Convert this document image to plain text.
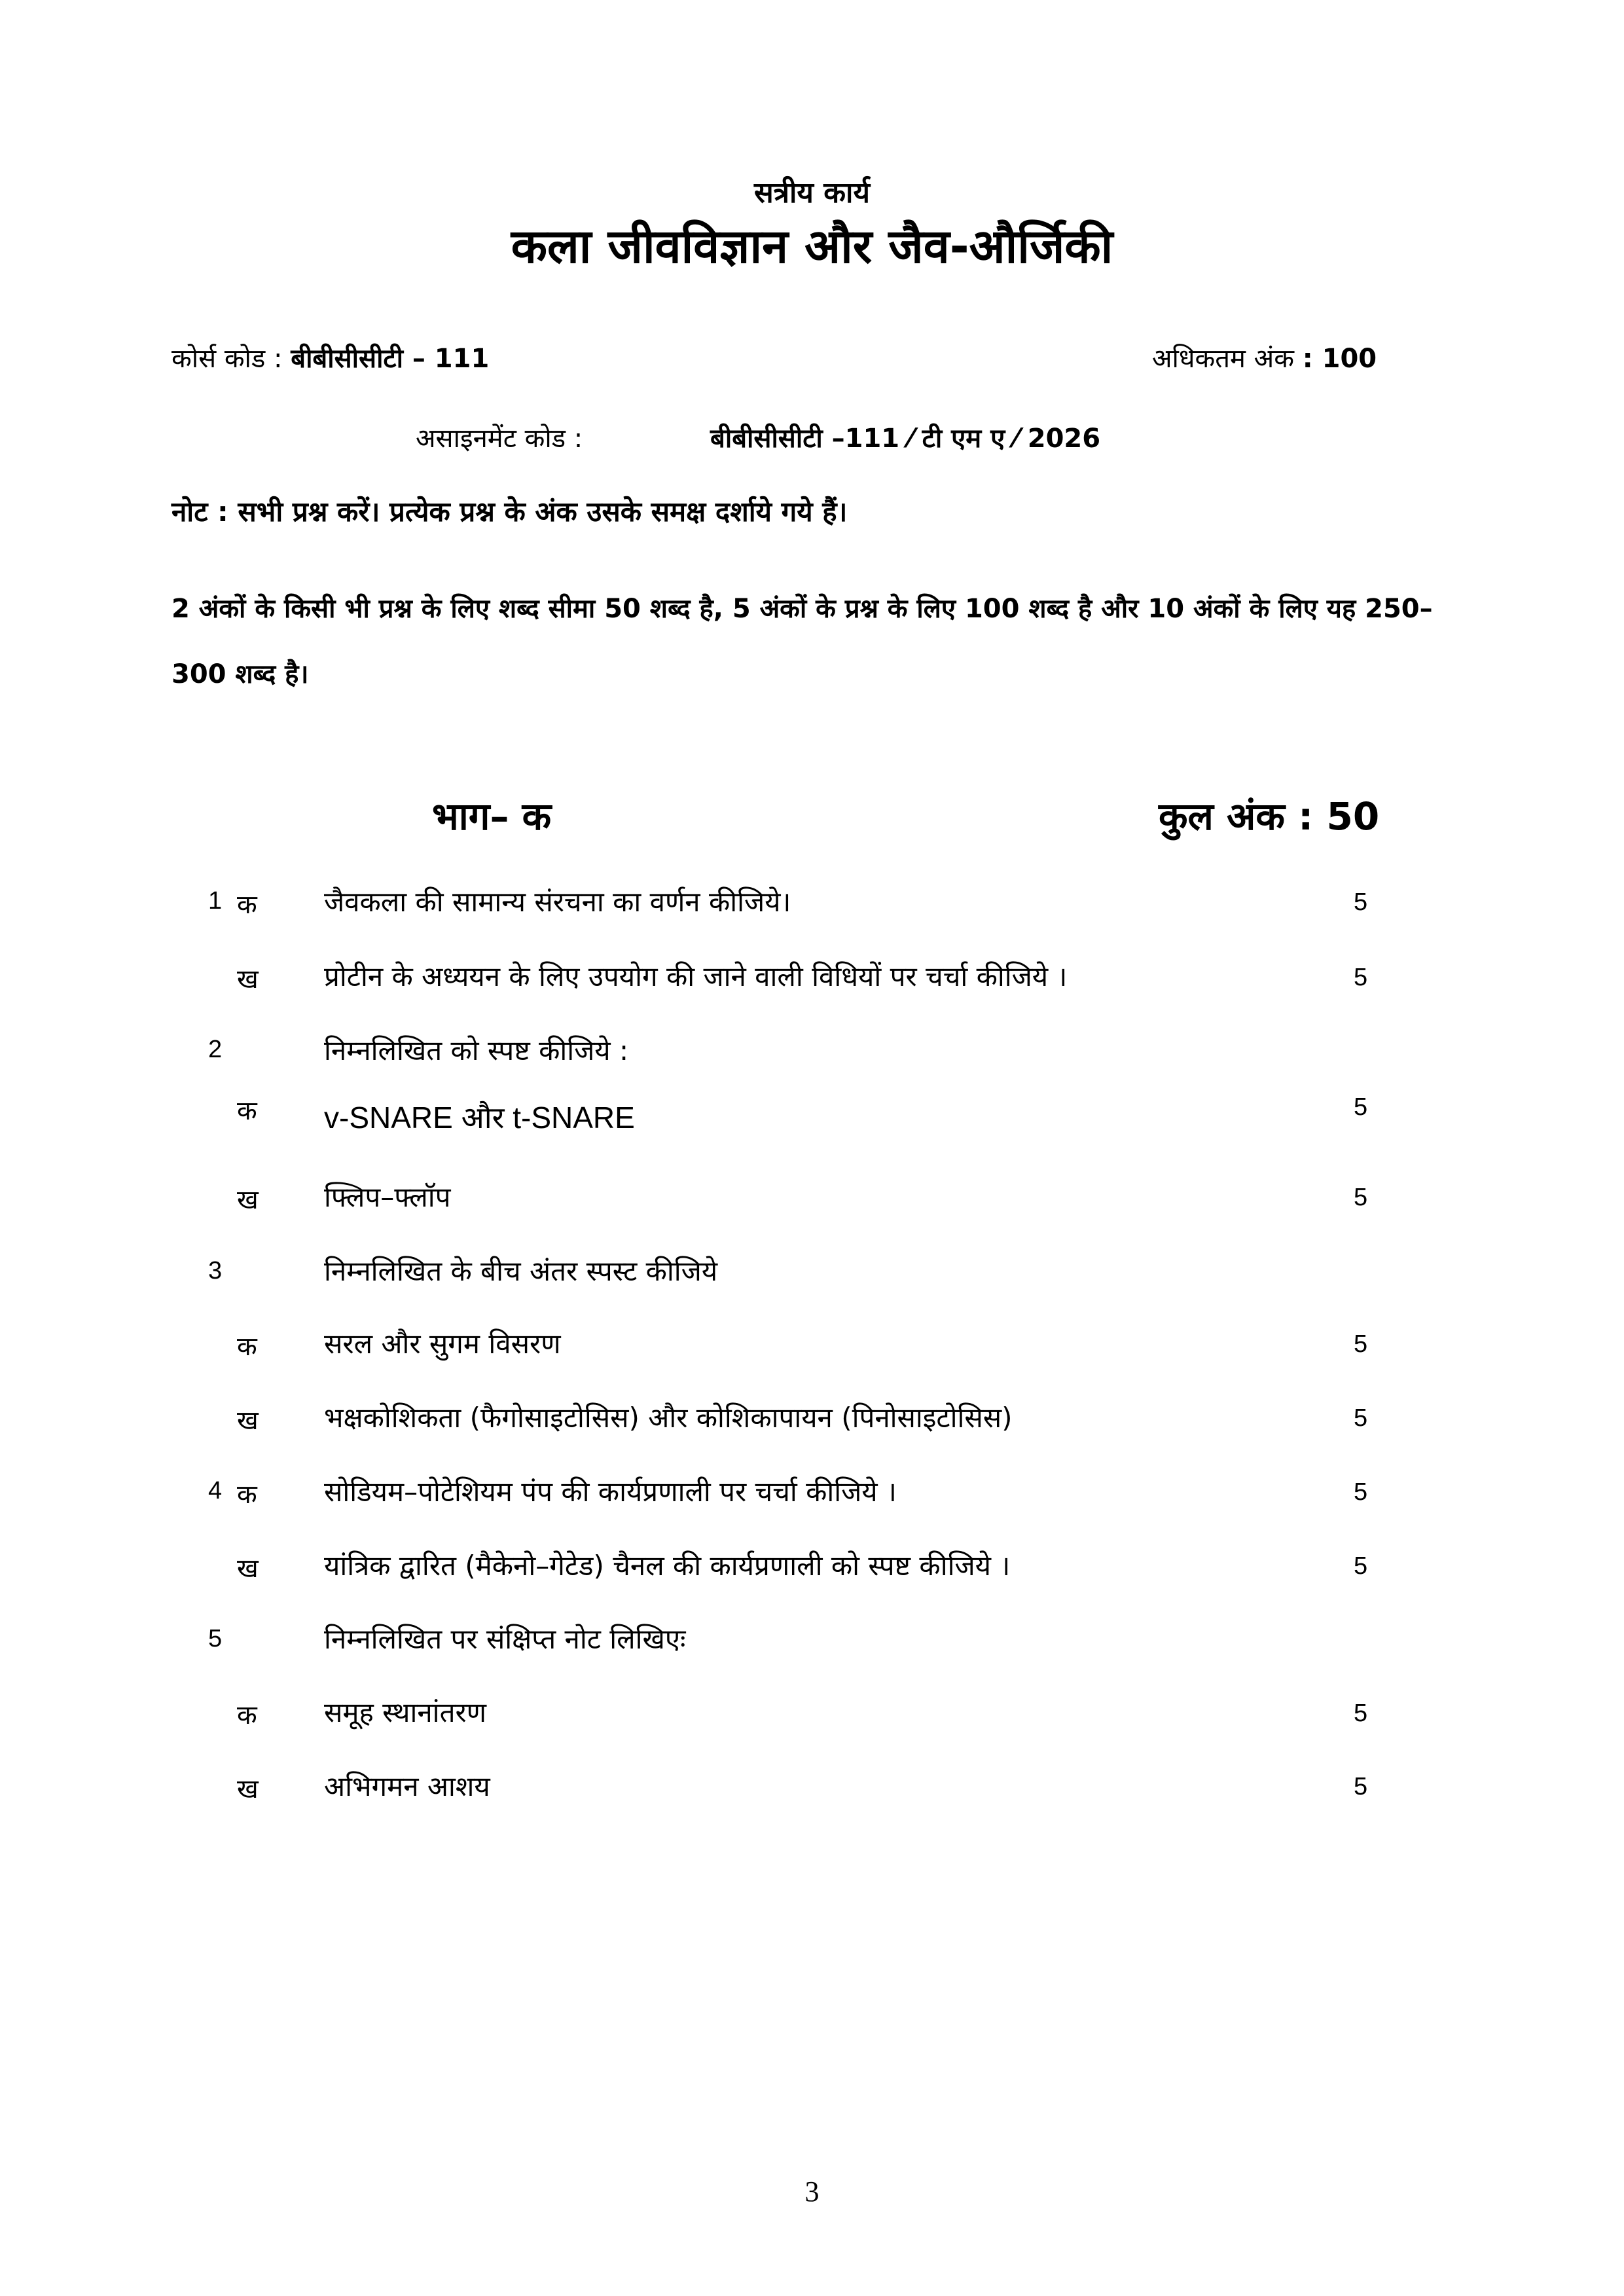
सत्रीय कार्य
कला जीवविज्ञान और जैव-और्जिकी
कोर्स कोड : बीबीसीसीटी – 111	अधिकतम अंक : 100
असाइनमेंट कोड :	बीबीसीसीटी –111 ⁄ टी एम ए ⁄ 2026
नोट : सभी प्रश्न करें। प्रत्येक प्रश्न के अंक उसके समक्ष दर्शाये गये हैं।
2 अंकों के किसी भी प्रश्न के लिए शब्द सीमा 50 शब्द है, 5 अंकों के प्रश्न के लिए 100 शब्द है और 10 अंकों के लिए यह 250–300 शब्द है।
भाग– क	कुल अंक : 50
1 क जैवकला की सामान्य संरचना का वर्णन कीजिये।	5
ख प्रोटीन के अध्ययन के लिए उपयोग की जाने वाली विधियों पर चर्चा कीजिये ।	5
2	निम्नलिखित को स्पष्ट कीजिये :
क v-SNARE और t-SNARE	5
ख फ्लिप–फ्लॉप	5
3	निम्नलिखित के बीच अंतर स्पस्ट कीजिये
क सरल और सुगम विसरण	5
ख भक्षकोशिकता (फैगोसाइटोसिस) और कोशिकापायन (पिनोसाइटोसिस)	5
4 क सोडियम–पोटेशियम पंप की कार्यप्रणाली पर चर्चा कीजिये ।	5
ख यांत्रिक द्वारित (मैकेनो–गेटेड) चैनल की कार्यप्रणाली को स्पष्ट कीजिये ।	5
5	निम्नलिखित पर संक्षिप्त नोट लिखिएः
क समूह स्थानांतरण	5
ख अभिगमन आशय	5
3
